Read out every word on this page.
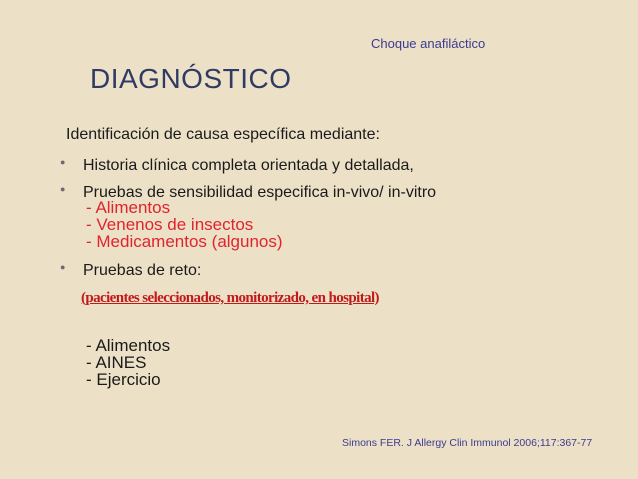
Choque anafiláctico
DIAGNÓSTICO
Identificación de causa específica mediante:
● Historia clínica completa orientada y detallada,
● Pruebas de sensibilidad especifica in-vivo/ in-vitro
- Alimentos
- Venenos de insectos
- Medicamentos (algunos)
● Pruebas de reto:
(pacientes seleccionados, monitorizado, en hospital)
- Alimentos
- AINES
- Ejercicio
Simons FER. J Allergy Clin Immunol 2006;117:367-77
